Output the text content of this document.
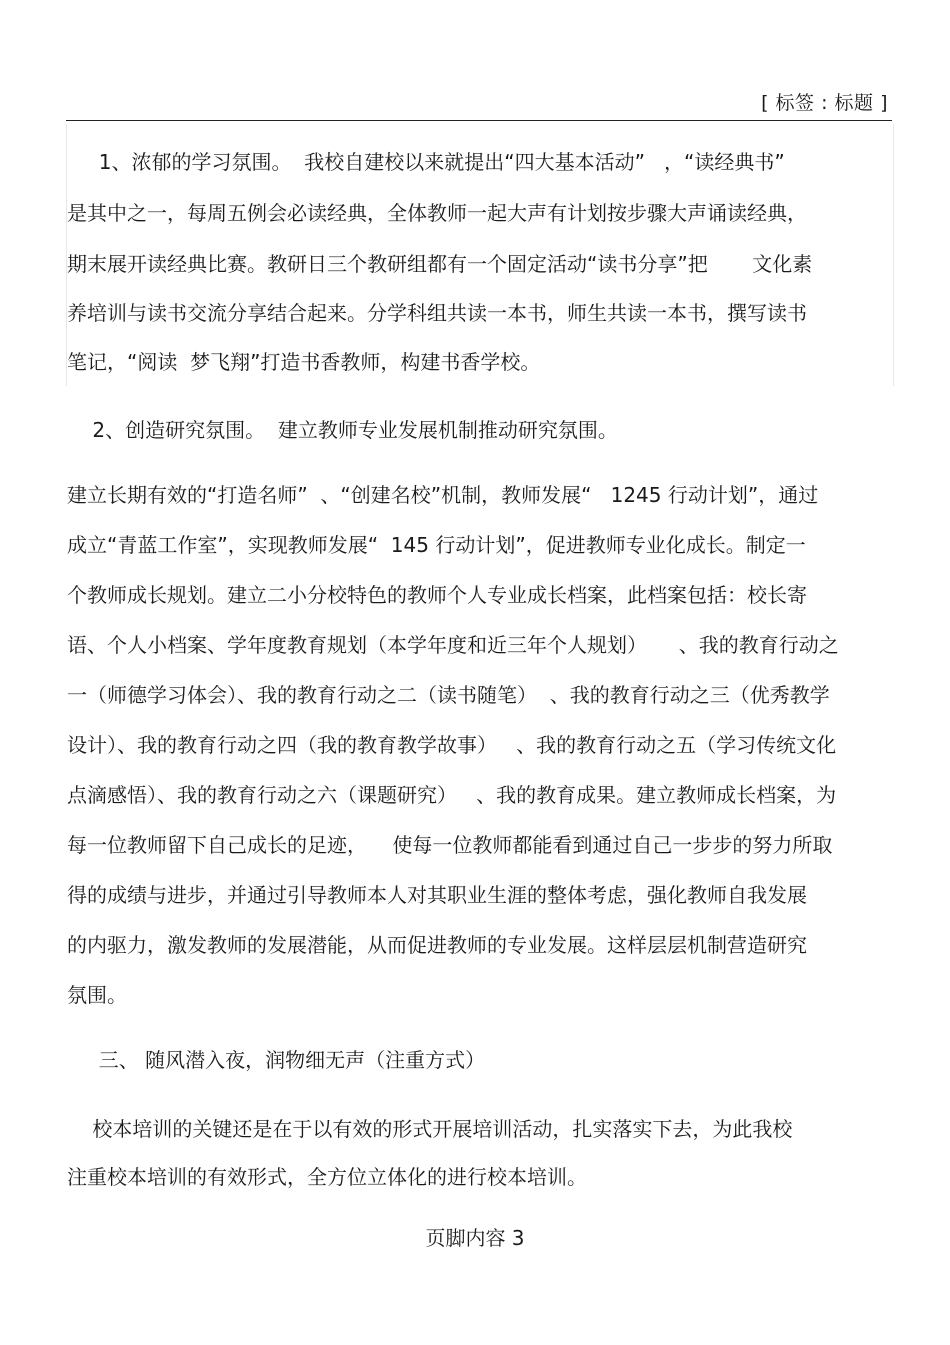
[ 标签 : 标题 ]
1、浓郁的学习氛围。  我校自建校以来就提出“四大基本活动”   ，“读经典书”
是其中之一，每周五例会必读经典，全体教师一起大声有计划按步骤大声诵读经典，
期末展开读经典比赛。教研日三个教研组都有一个固定活动“读书分享”把       文化素
养培训与读书交流分享结合起来。分学科组共读一本书，师生共读一本书，撰写读书
笔记，“阅读  梦飞翔”打造书香教师，构建书香学校。
2、创造研究氛围。  建立教师专业发展机制推动研究氛围。
建立长期有效的“打造名师”  、“创建名校”机制，教师发展“   1245 行动计划”，通过
成立“青蓝工作室”，实现教师发展“  145 行动计划”，促进教师专业化成长。制定一
个教师成长规划。建立二小分校特色的教师个人专业成长档案，此档案包括：校长寄
语、个人小档案、学年度教育规划（本学年度和近三年个人规划）     、我的教育行动之
一（师德学习体会）、我的教育行动之二（读书随笔）  、我的教育行动之三（优秀教学
设计）、我的教育行动之四（我的教育教学故事）   、我的教育行动之五（学习传统文化
点滴感悟）、我的教育行动之六（课题研究）   、我的教育成果。建立教师成长档案，为
每一位教师留下自己成长的足迹，    使每一位教师都能看到通过自己一步步的努力所取
得的成绩与进步，并通过引导教师本人对其职业生涯的整体考虑，强化教师自我发展
的内驱力，激发教师的发展潜能，从而促进教师的专业发展。这样层层机制营造研究
氛围。
三、 随风潜入夜，润物细无声（注重方式）
校本培训的关键还是在于以有效的形式开展培训活动，扎实落实下去，为此我校
注重校本培训的有效形式，全方位立体化的进行校本培训。
页脚内容 3
